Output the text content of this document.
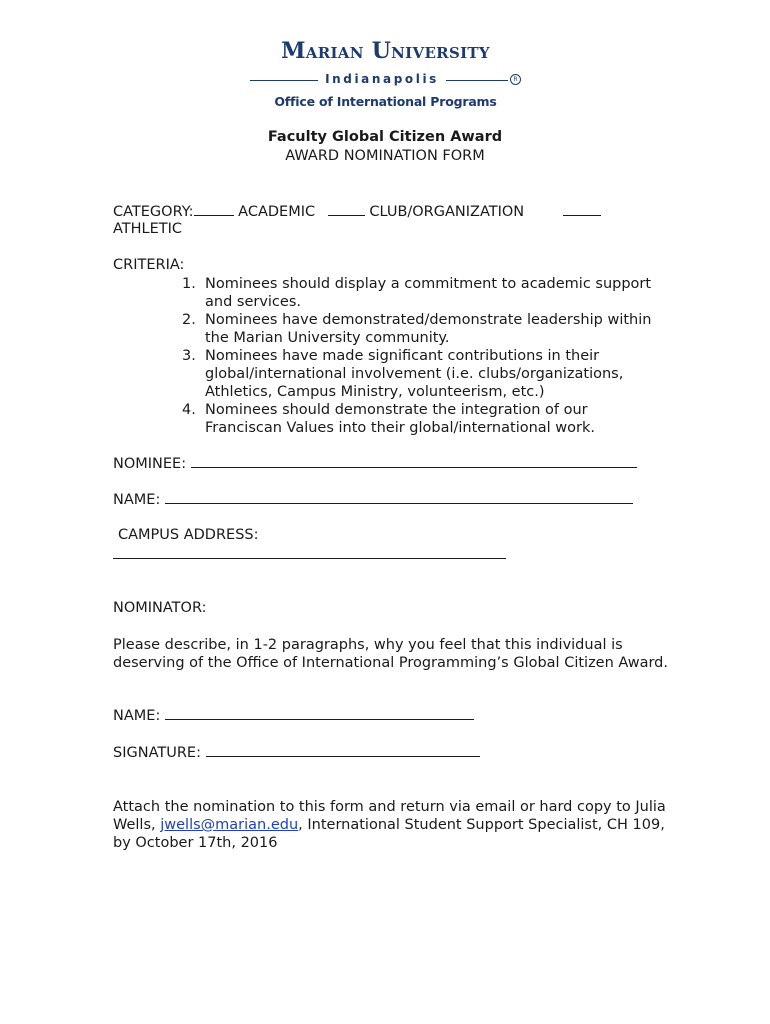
Marian University
Indianapolis	R
Office of International Programs
Faculty Global Citizen Award
AWARD NOMINATION FORM
CATEGORY:	ACADEMIC	CLUB/ORGANIZATION
ATHLETIC
CRITERIA:
1. Nominees should display a commitment to academic support and services.
2. Nominees have demonstrated/demonstrate leadership within the Marian University community.
3. Nominees have made significant contributions in their global/international involvement (i.e. clubs/organizations, Athletics, Campus Ministry, volunteerism, etc.)
4. Nominees should demonstrate the integration of our Franciscan Values into their global/international work.
NOMINEE:
NAME:
CAMPUS ADDRESS:
NOMINATOR:
Please describe, in 1-2 paragraphs, why you feel that this individual is deserving of the Office of International Programming’s Global Citizen Award.
NAME:
SIGNATURE:
Attach the nomination to this form and return via email or hard copy to Julia Wells, jwells@marian.edu, International Student Support Specialist, CH 109, by October 17th, 2016
